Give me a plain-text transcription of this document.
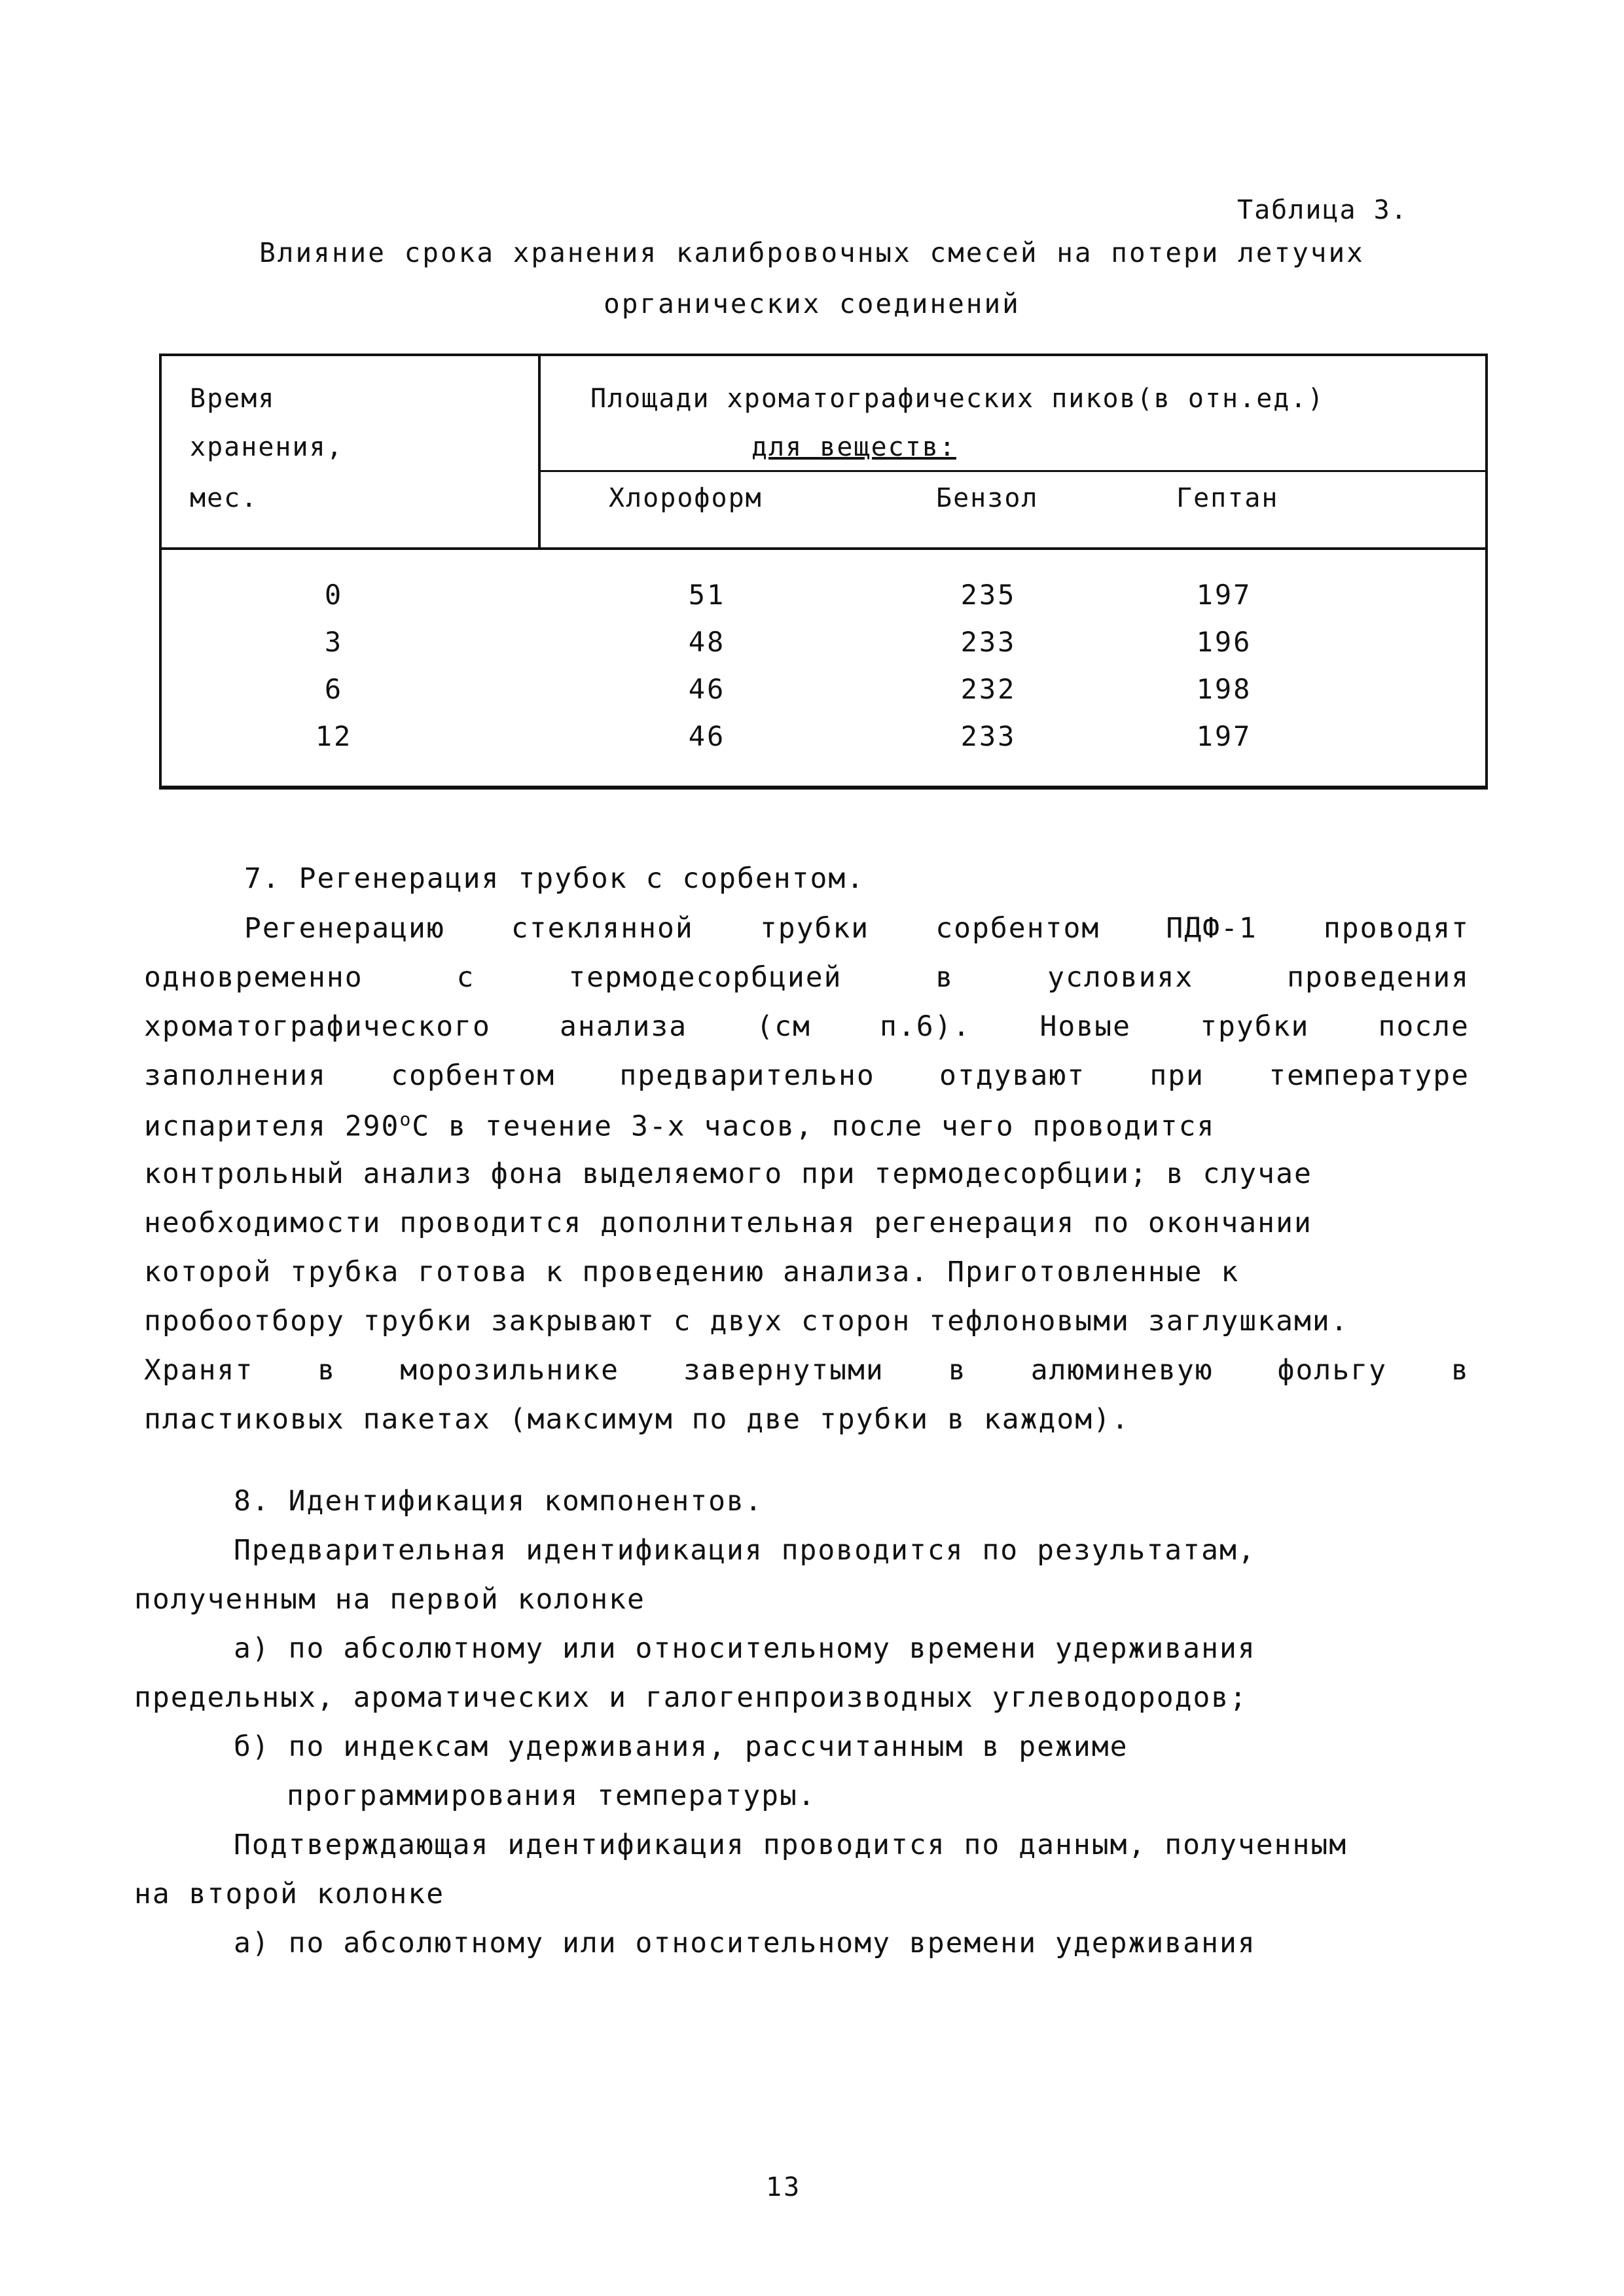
Таблица 3.
Влияние срока хранения калибровочных смесей на потери летучих
органических соединений
Время
хранения,
мес.
Площади хроматографических пиков(в отн.ед.)
для веществ:
Хлороформ	Бензол	Гептан
0	51	235	197
3	48	233	196
6	46	232	198
12	46	233	197
7. Регенерация трубок с сорбентом.
Регенерацию стеклянной трубки сорбентом ПДФ-1 проводят
одновременно	с	термодесорбцией	в	условиях	проведения
хроматографического анализа (см п.6). Новые трубки после
заполнения сорбентом предварительно отдувают при температуре
испарителя 290$^o$С в течение 3-х часов, после чего проводится
контрольный анализ фона выделяемого при термодесорбции; в случае
необходимости проводится дополнительная регенерация по окончании
которой трубка готова к проведению анализа. Приготовленные к
пробоотбору трубки закрывают с двух сторон тефлоновыми заглушками.
Хранят в морозильнике завернутыми в алюминевую фольгу в
пластиковых пакетах (максимум по две трубки в каждом).
8. Идентификация компонентов.
Предварительная идентификация проводится по результатам,
полученным на первой колонке
а) по абсолютному или относительному времени удерживания
предельных, ароматических и галогенпроизводных углеводородов;
б) по индексам удерживания, рассчитанным в режиме
программирования температуры.
Подтверждающая идентификация проводится по данным, полученным
на второй колонке
а) по абсолютному или относительному времени удерживания
13
